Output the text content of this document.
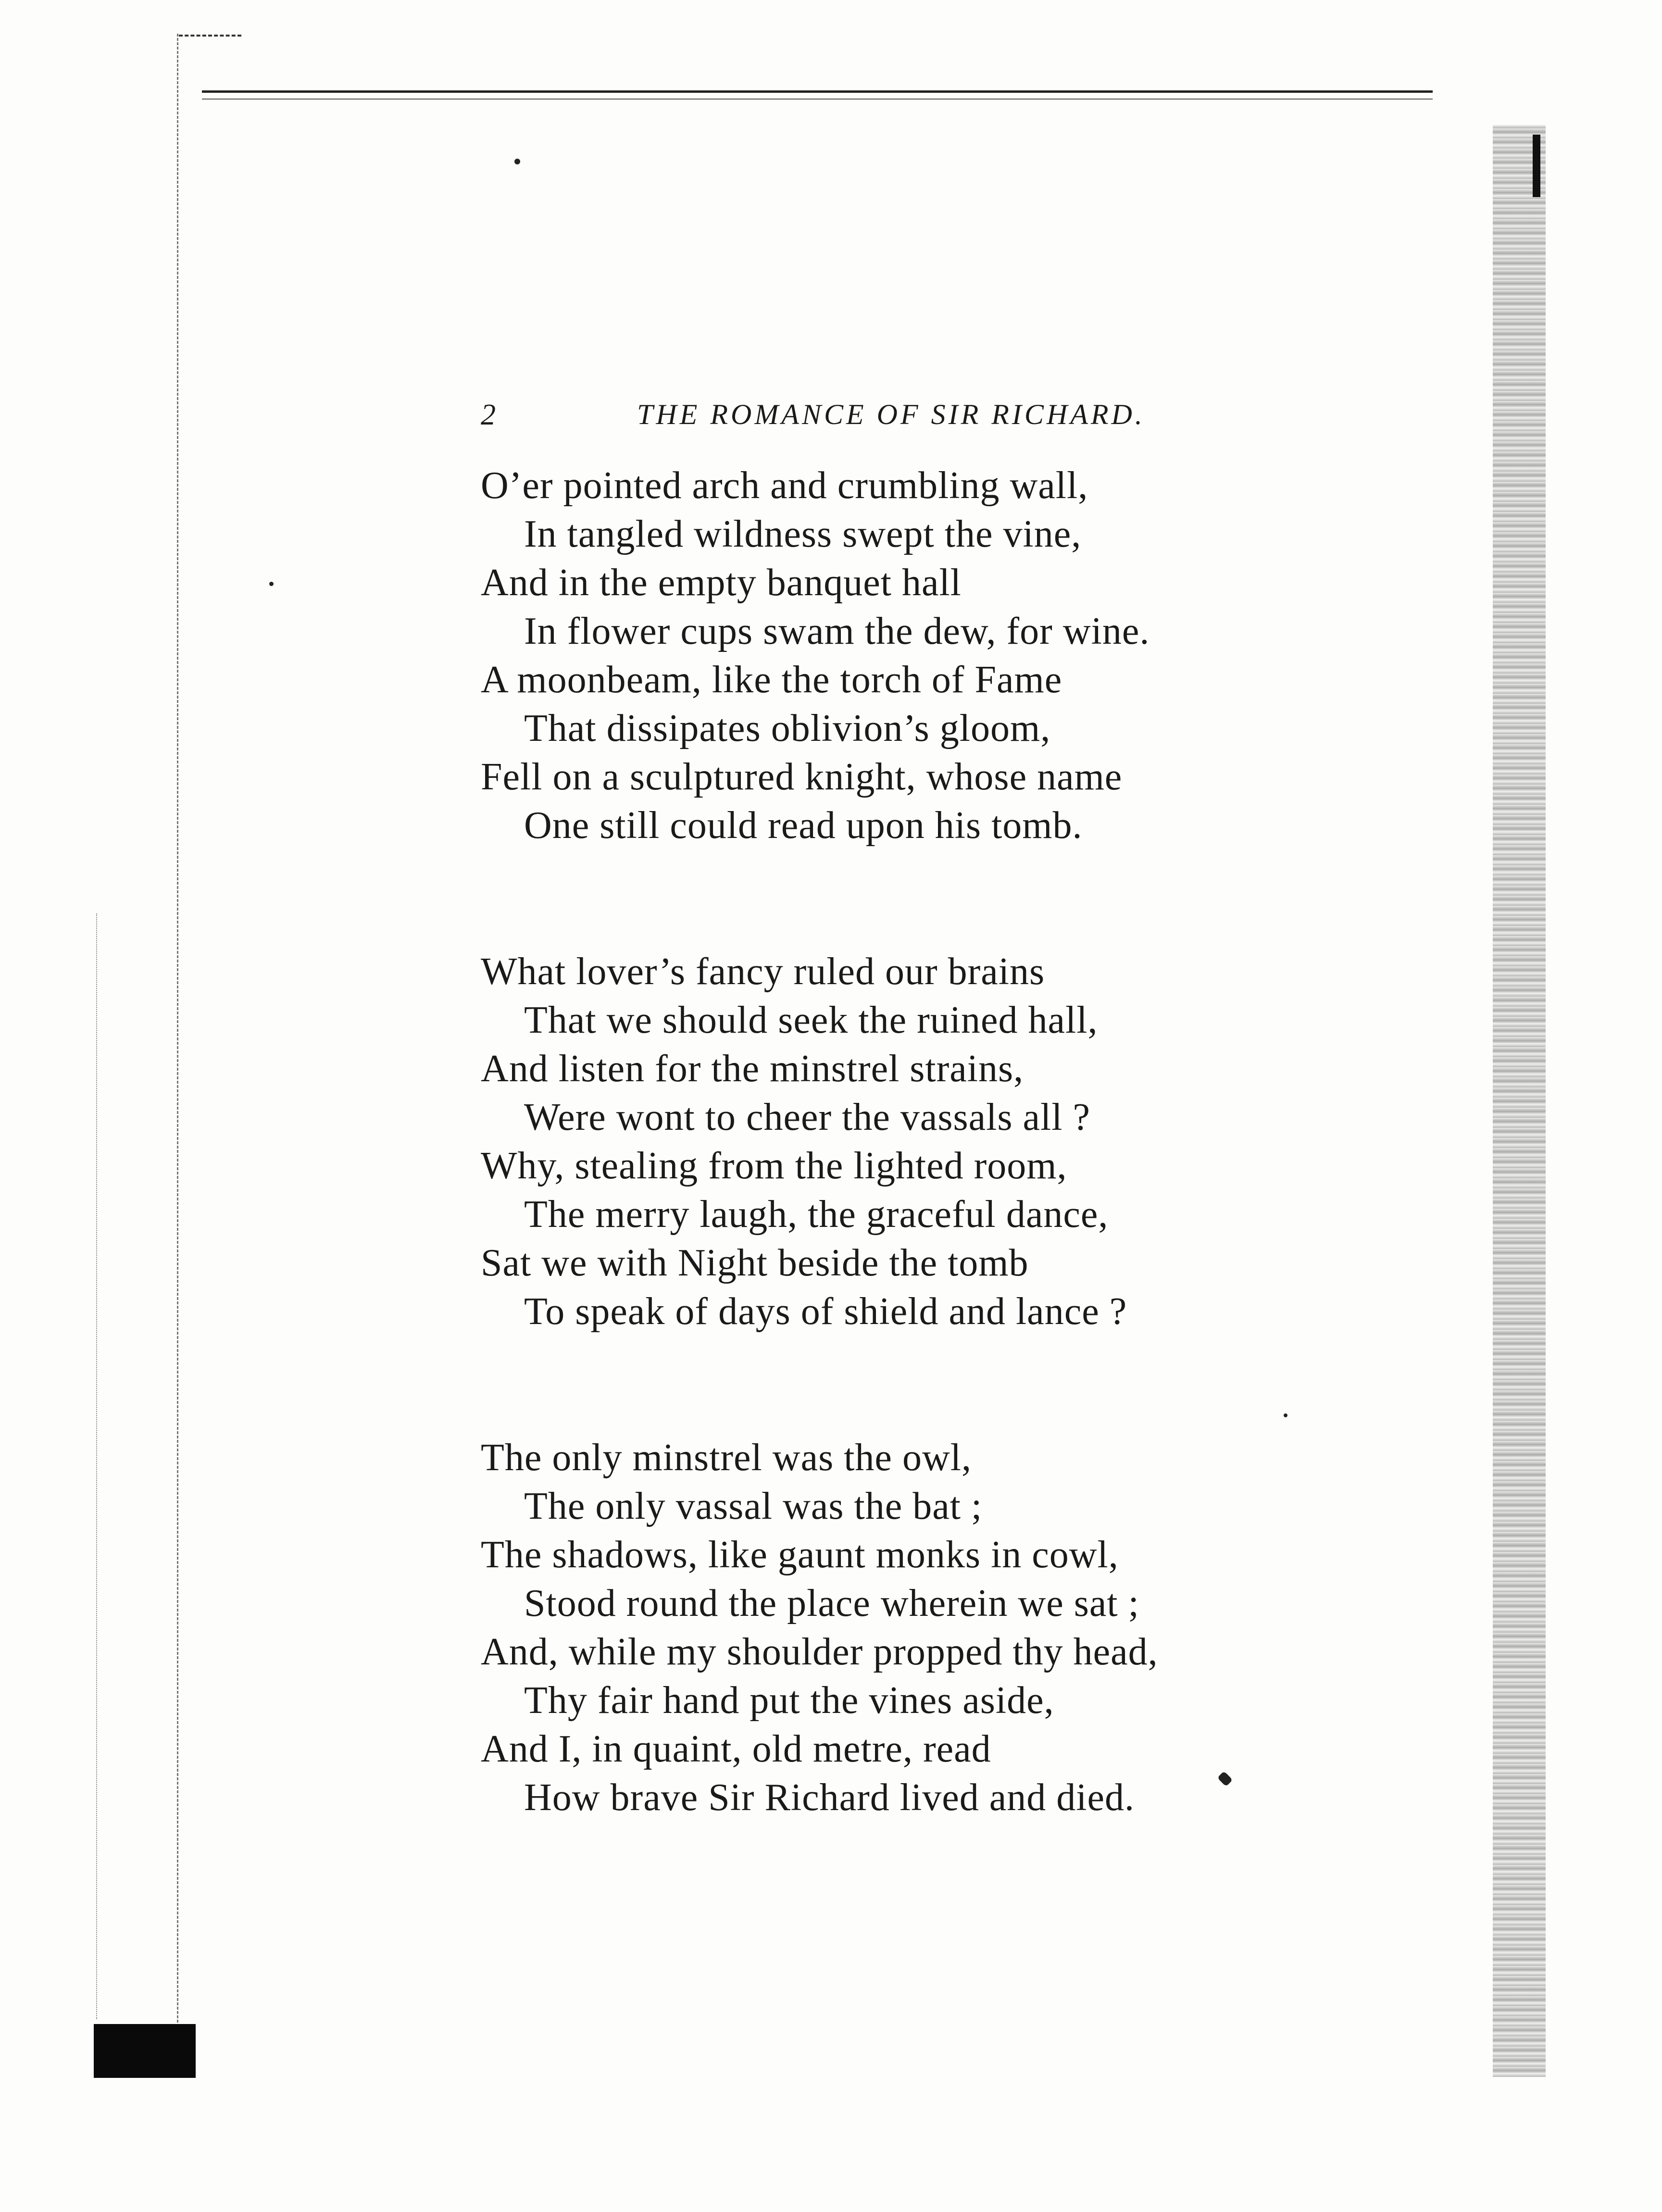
2	THE ROMANCE OF SIR RICHARD.
O’er pointed arch and crumbling wall,
In tangled wildness swept the vine,
And in the empty banquet hall
In flower cups swam the dew, for wine.
A moonbeam, like the torch of Fame
That dissipates oblivion’s gloom,
Fell on a sculptured knight, whose name
One still could read upon his tomb.
What lover’s fancy ruled our brains
That we should seek the ruined hall,
And listen for the minstrel strains,
Were wont to cheer the vassals all ?
Why, stealing from the lighted room,
The merry laugh, the graceful dance,
Sat we with Night beside the tomb
To speak of days of shield and lance ?
The only minstrel was the owl,
The only vassal was the bat ;
The shadows, like gaunt monks in cowl,
Stood round the place wherein we sat ;
And, while my shoulder propped thy head,
Thy fair hand put the vines aside,
And I, in quaint, old metre, read
How brave Sir Richard lived and died.
